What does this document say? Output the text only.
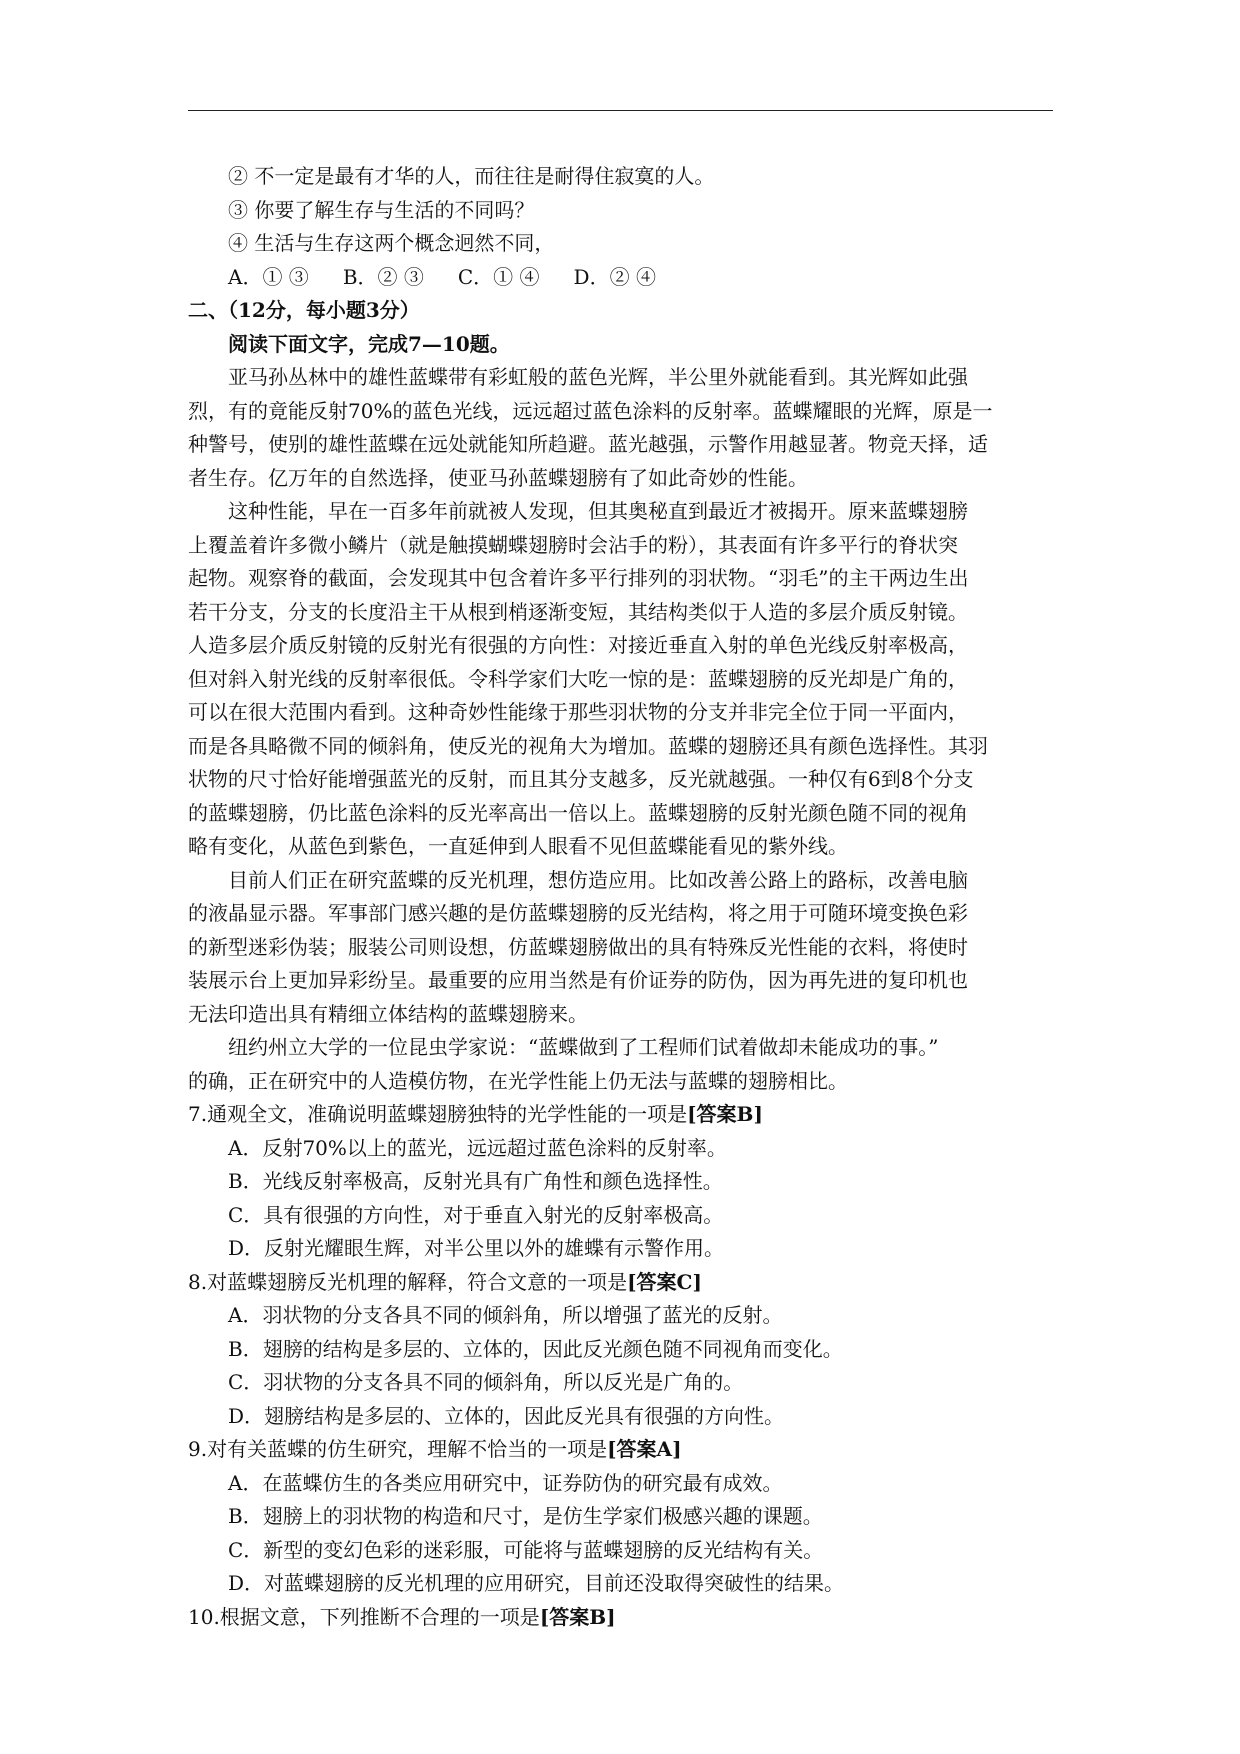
② 不一定是最有才华的人，而往往是耐得住寂寞的人。
③ 你要了解生存与生活的不同吗？
④ 生活与生存这两个概念迥然不同，
A．① ③ B．② ③ C．① ④ D．② ④
二、（12分，每小题3分）
阅读下面文字，完成7—10题。
亚马孙丛林中的雄性蓝蝶带有彩虹般的蓝色光辉，半公里外就能看到。其光辉如此强
烈，有的竟能反射70%的蓝色光线，远远超过蓝色涂料的反射率。蓝蝶耀眼的光辉，原是一
种警号，使别的雄性蓝蝶在远处就能知所趋避。蓝光越强，示警作用越显著。物竞天择，适
者生存。亿万年的自然选择，使亚马孙蓝蝶翅膀有了如此奇妙的性能。
这种性能，早在一百多年前就被人发现，但其奥秘直到最近才被揭开。原来蓝蝶翅膀
上覆盖着许多微小鳞片（就是触摸蝴蝶翅膀时会沾手的粉），其表面有许多平行的脊状突
起物。观察脊的截面，会发现其中包含着许多平行排列的羽状物。“羽毛”的主干两边生出
若干分支，分支的长度沿主干从根到梢逐渐变短，其结构类似于人造的多层介质反射镜。
人造多层介质反射镜的反射光有很强的方向性：对接近垂直入射的单色光线反射率极高，
但对斜入射光线的反射率很低。令科学家们大吃一惊的是：蓝蝶翅膀的反光却是广角的，
可以在很大范围内看到。这种奇妙性能缘于那些羽状物的分支并非完全位于同一平面内，
而是各具略微不同的倾斜角，使反光的视角大为增加。蓝蝶的翅膀还具有颜色选择性。其羽
状物的尺寸恰好能增强蓝光的反射，而且其分支越多，反光就越强。一种仅有6到8个分支
的蓝蝶翅膀，仍比蓝色涂料的反光率高出一倍以上。蓝蝶翅膀的反射光颜色随不同的视角
略有变化，从蓝色到紫色，一直延伸到人眼看不见但蓝蝶能看见的紫外线。
目前人们正在研究蓝蝶的反光机理，想仿造应用。比如改善公路上的路标，改善电脑
的液晶显示器。军事部门感兴趣的是仿蓝蝶翅膀的反光结构，将之用于可随环境变换色彩
的新型迷彩伪装；服装公司则设想，仿蓝蝶翅膀做出的具有特殊反光性能的衣料，将使时
装展示台上更加异彩纷呈。最重要的应用当然是有价证券的防伪，因为再先进的复印机也
无法印造出具有精细立体结构的蓝蝶翅膀来。
纽约州立大学的一位昆虫学家说：“蓝蝶做到了工程师们试着做却未能成功的事。”
的确，正在研究中的人造模仿物，在光学性能上仍无法与蓝蝶的翅膀相比。
7.通观全文，准确说明蓝蝶翅膀独特的光学性能的一项是[答案B]
A．反射70%以上的蓝光，远远超过蓝色涂料的反射率。
B．光线反射率极高，反射光具有广角性和颜色选择性。
C．具有很强的方向性，对于垂直入射光的反射率极高。
D．反射光耀眼生辉，对半公里以外的雄蝶有示警作用。
8.对蓝蝶翅膀反光机理的解释，符合文意的一项是[答案C]
A．羽状物的分支各具不同的倾斜角，所以增强了蓝光的反射。
B．翅膀的结构是多层的、立体的，因此反光颜色随不同视角而变化。
C．羽状物的分支各具不同的倾斜角，所以反光是广角的。
D．翅膀结构是多层的、立体的，因此反光具有很强的方向性。
9.对有关蓝蝶的仿生研究，理解不恰当的一项是[答案A]
A．在蓝蝶仿生的各类应用研究中，证券防伪的研究最有成效。
B．翅膀上的羽状物的构造和尺寸，是仿生学家们极感兴趣的课题。
C．新型的变幻色彩的迷彩服，可能将与蓝蝶翅膀的反光结构有关。
D．对蓝蝶翅膀的反光机理的应用研究，目前还没取得突破性的结果。
10.根据文意，下列推断不合理的一项是[答案B]
